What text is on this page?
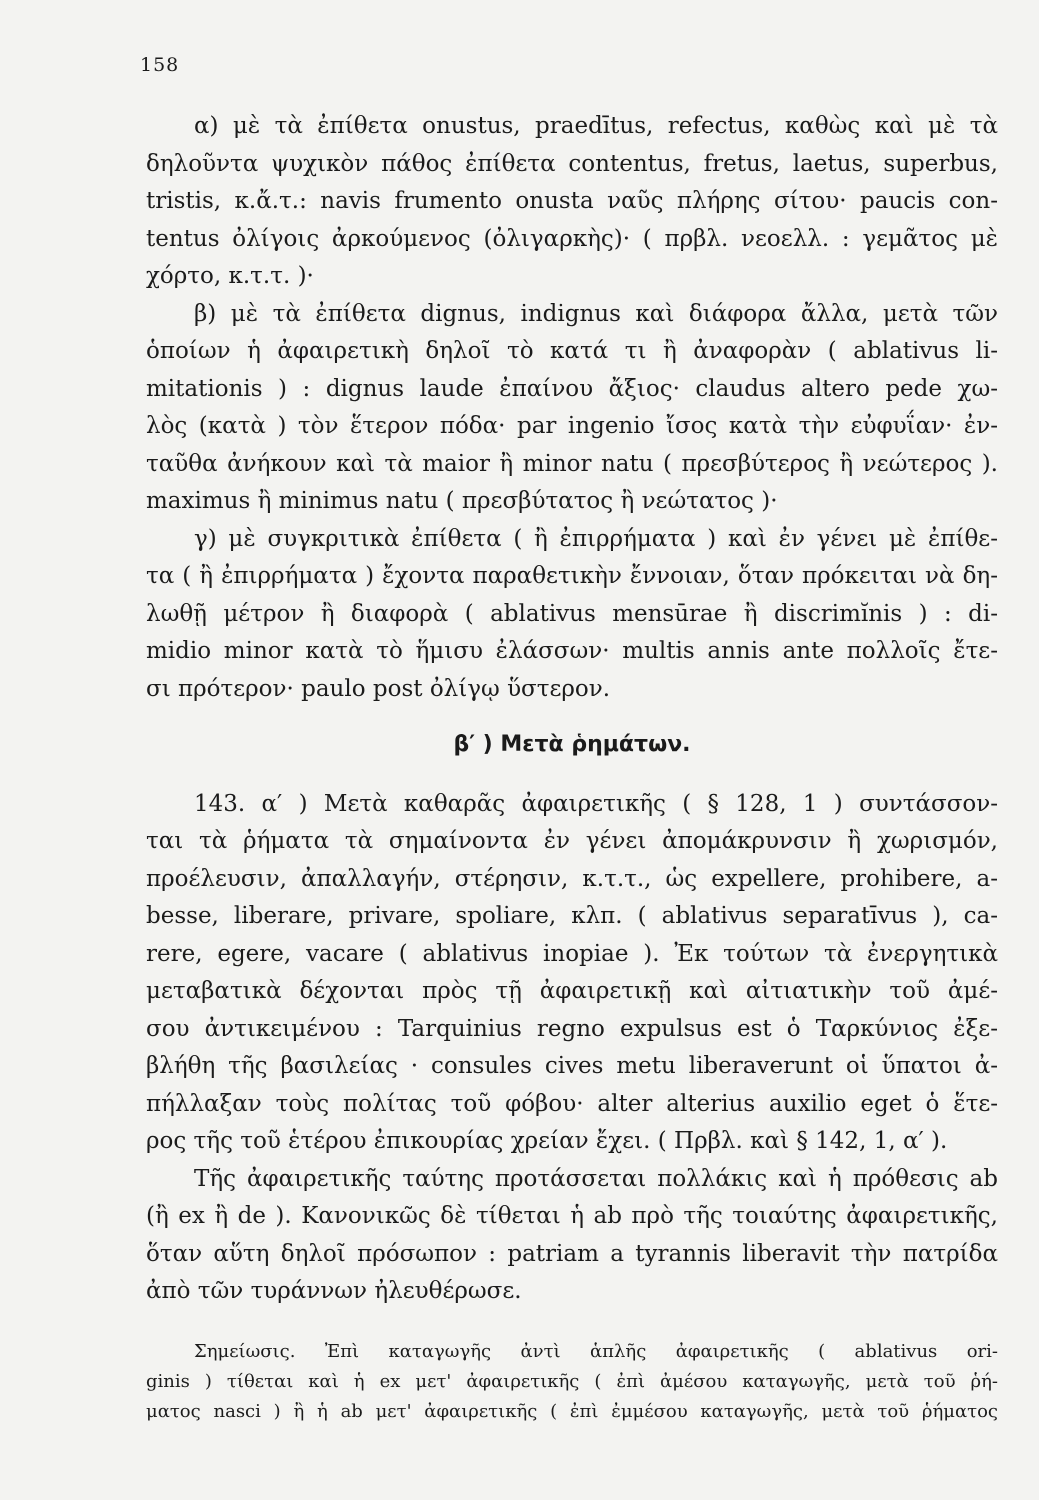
158
α) μὲ τὰ ἐπίθετα onustus, praedītus, refectus, καθὼς καὶ μὲ τὰ
δηλοῦντα ψυχικὸν πάθος ἐπίθετα contentus, fretus, laetus, superbus,
tristis, κ.ἄ.τ.: navis frumento onusta ναῦς πλήρης σίτου· paucis con-
tentus ὀλίγοις ἀρκούμενος (ὀλιγαρκὴς)· ( πρβλ. νεοελλ. : γεμᾶτος μὲ
χόρτο, κ.τ.τ. )·
β) μὲ τὰ ἐπίθετα dignus, indignus καὶ διάφορα ἄλλα, μετὰ τῶν
ὁποίων ἡ ἀφαιρετικὴ δηλοῖ τὸ κατά τι ἢ ἀναφορὰν ( ablativus li-
mitationis ) : dignus laude ἐπαίνου ἄξιος· claudus altero pede χω-
λὸς (κατὰ ) τὸν ἕτερον πόδα· par ingenio ἴσος κατὰ τὴν εὐφυΐαν· ἐν-
ταῦθα ἀνήκουν καὶ τὰ maior ἢ minor natu ( πρεσβύτερος ἢ νεώτερος ).
maximus ἢ minimus natu ( πρεσβύτατος ἢ νεώτατος )·
γ) μὲ συγκριτικὰ ἐπίθετα ( ἢ ἐπιρρήματα ) καὶ ἐν γένει μὲ ἐπίθε-
τα ( ἢ ἐπιρρήματα ) ἔχοντα παραθετικὴν ἔννοιαν, ὅταν πρόκειται νὰ δη-
λωθῇ μέτρον ἢ διαφορὰ ( ablativus mensūrae ἢ discrimĭnis ) : di-
midio minor κατὰ τὸ ἥμισυ ἐλάσσων· multis annis ante πολλοῖς ἔτε-
σι πρότερον· paulo post ὀλίγῳ ὕστερον.
β′ ) Μετὰ ῥημάτων.
143. α′ ) Μετὰ καθαρᾶς ἀφαιρετικῆς ( § 128, 1 ) συντάσσον-
ται τὰ ῥήματα τὰ σημαίνοντα ἐν γένει ἀπομάκρυνσιν ἢ χωρισμόν,
προέλευσιν, ἀπαλλαγήν, στέρησιν, κ.τ.τ., ὡς expellere, prohibere, a-
besse, liberare, privare, spoliare, κλπ. ( ablativus separatīvus ), ca-
rere, egere, vacare ( ablativus inopiae ). Ἐκ τούτων τὰ ἐνεργητικὰ
μεταβατικὰ δέχονται πρὸς τῇ ἀφαιρετικῇ καὶ αἰτιατικὴν τοῦ ἀμέ-
σου ἀντικειμένου : Tarquinius regno expulsus est ὁ Ταρκύνιος ἐξε-
βλήθη τῆς βασιλείας · consules cives metu liberaverunt οἱ ὕπατοι ἀ-
πήλλαξαν τοὺς πολίτας τοῦ φόβου· alter alterius auxilio eget ὁ ἕτε-
ρος τῆς τοῦ ἑτέρου ἐπικουρίας χρείαν ἔχει. ( Πρβλ. καὶ § 142, 1, α′ ).
Τῆς ἀφαιρετικῆς ταύτης προτάσσεται πολλάκις καὶ ἡ πρόθεσις ab
(ἢ ex ἢ de ). Κανονικῶς δὲ τίθεται ἡ ab πρὸ τῆς τοιαύτης ἀφαιρετικῆς,
ὅταν αὕτη δηλοῖ πρόσωπον : patriam a tyrannis liberavit τὴν πατρίδα
ἀπὸ τῶν τυράννων ἠλευθέρωσε.
Σημείωσις. Ἐπὶ καταγωγῆς ἀντὶ ἁπλῆς ἀφαιρετικῆς ( ablativus ori-
ginis ) τίθεται καὶ ἡ ex μετ' ἀφαιρετικῆς ( ἐπὶ ἀμέσου καταγωγῆς, μετὰ τοῦ ῥή-
ματος nasci ) ἢ ἡ ab μετ' ἀφαιρετικῆς ( ἐπὶ ἐμμέσου καταγωγῆς, μετὰ τοῦ ῥήματος
